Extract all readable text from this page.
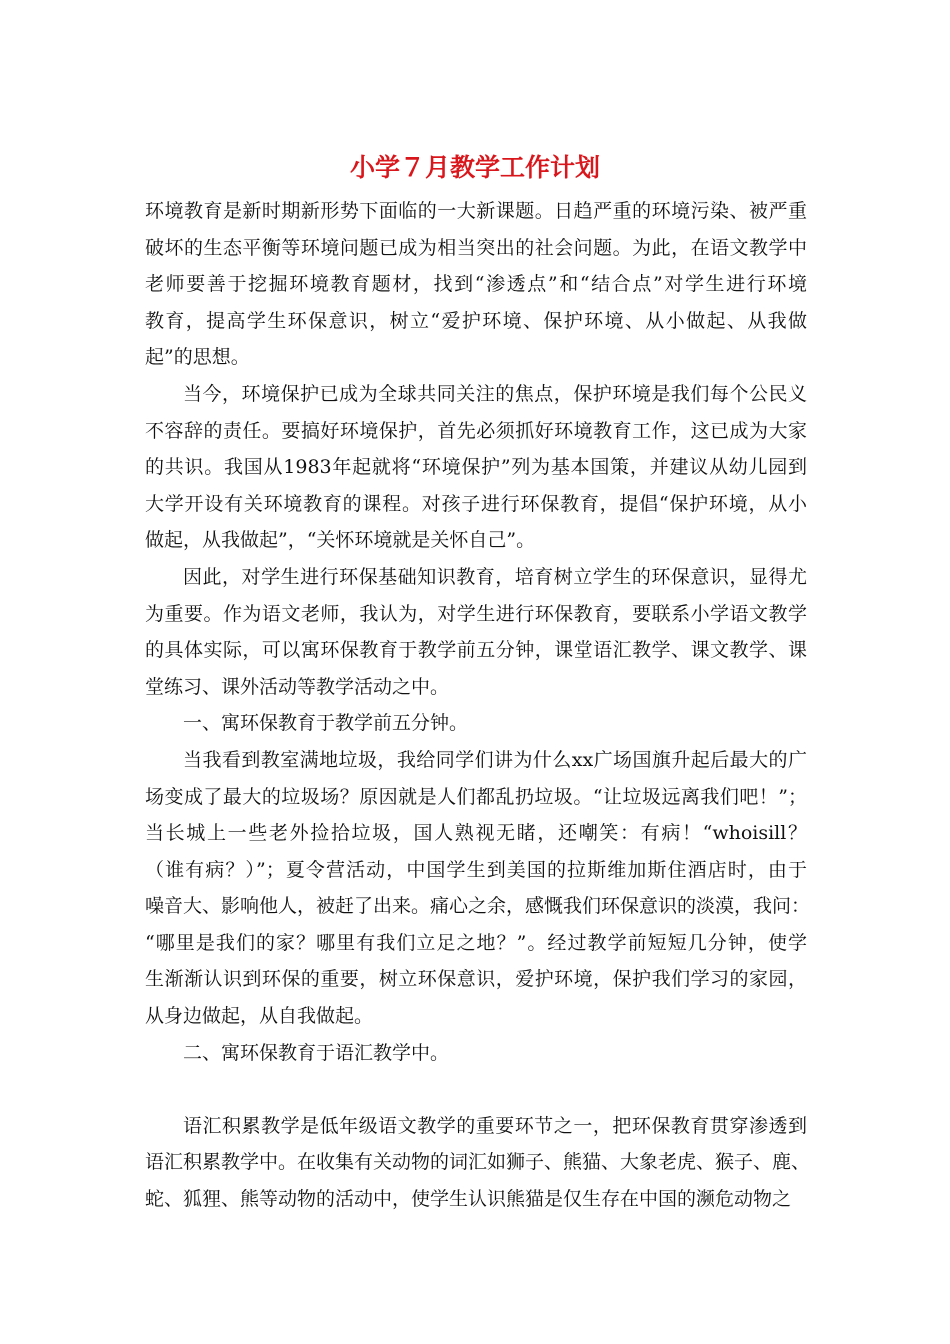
小学７月教学工作计划
环境教育是新时期新形势下面临的一大新课题。日趋严重的环境污染、被严重
破坏的生态平衡等环境问题已成为相当突出的社会问题。为此，在语文教学中
老师要善于挖掘环境教育题材，找到“渗透点”和“结合点”对学生进行环境
教育，提高学生环保意识，树立“爱护环境、保护环境、从小做起、从我做
起”的思想。
当今，环境保护已成为全球共同关注的焦点，保护环境是我们每个公民义
不容辞的责任。要搞好环境保护，首先必须抓好环境教育工作，这已成为大家
的共识。我国从1983年起就将“环境保护”列为基本国策，并建议从幼儿园到
大学开设有关环境教育的课程。对孩子进行环保教育，提倡“保护环境，从小
做起，从我做起”，“关怀环境就是关怀自己”。
因此，对学生进行环保基础知识教育，培育树立学生的环保意识，显得尤
为重要。作为语文老师，我认为，对学生进行环保教育，要联系小学语文教学
的具体实际，可以寓环保教育于教学前五分钟，课堂语汇教学、课文教学、课
堂练习、课外活动等教学活动之中。
一、寓环保教育于教学前五分钟。
当我看到教室满地垃圾，我给同学们讲为什么xx广场国旗升起后最大的广
场变成了最大的垃圾场？原因就是人们都乱扔垃圾。“让垃圾远离我们吧！”；
当长城上一些老外捡拾垃圾，国人熟视无睹，还嘲笑：有病！“whoisill？
（谁有病？）”；夏令营活动，中国学生到美国的拉斯维加斯住酒店时，由于
噪音大、影响他人，被赶了出来。痛心之余，感慨我们环保意识的淡漠，我问：
“哪里是我们的家？哪里有我们立足之地？”。经过教学前短短几分钟，使学
生渐渐认识到环保的重要，树立环保意识，爱护环境，保护我们学习的家园，
从身边做起，从自我做起。
二、寓环保教育于语汇教学中。
语汇积累教学是低年级语文教学的重要环节之一，把环保教育贯穿渗透到
语汇积累教学中。在收集有关动物的词汇如狮子、熊猫、大象老虎、猴子、鹿、
蛇、狐狸、熊等动物的活动中，使学生认识熊猫是仅生存在中国的濒危动物之
